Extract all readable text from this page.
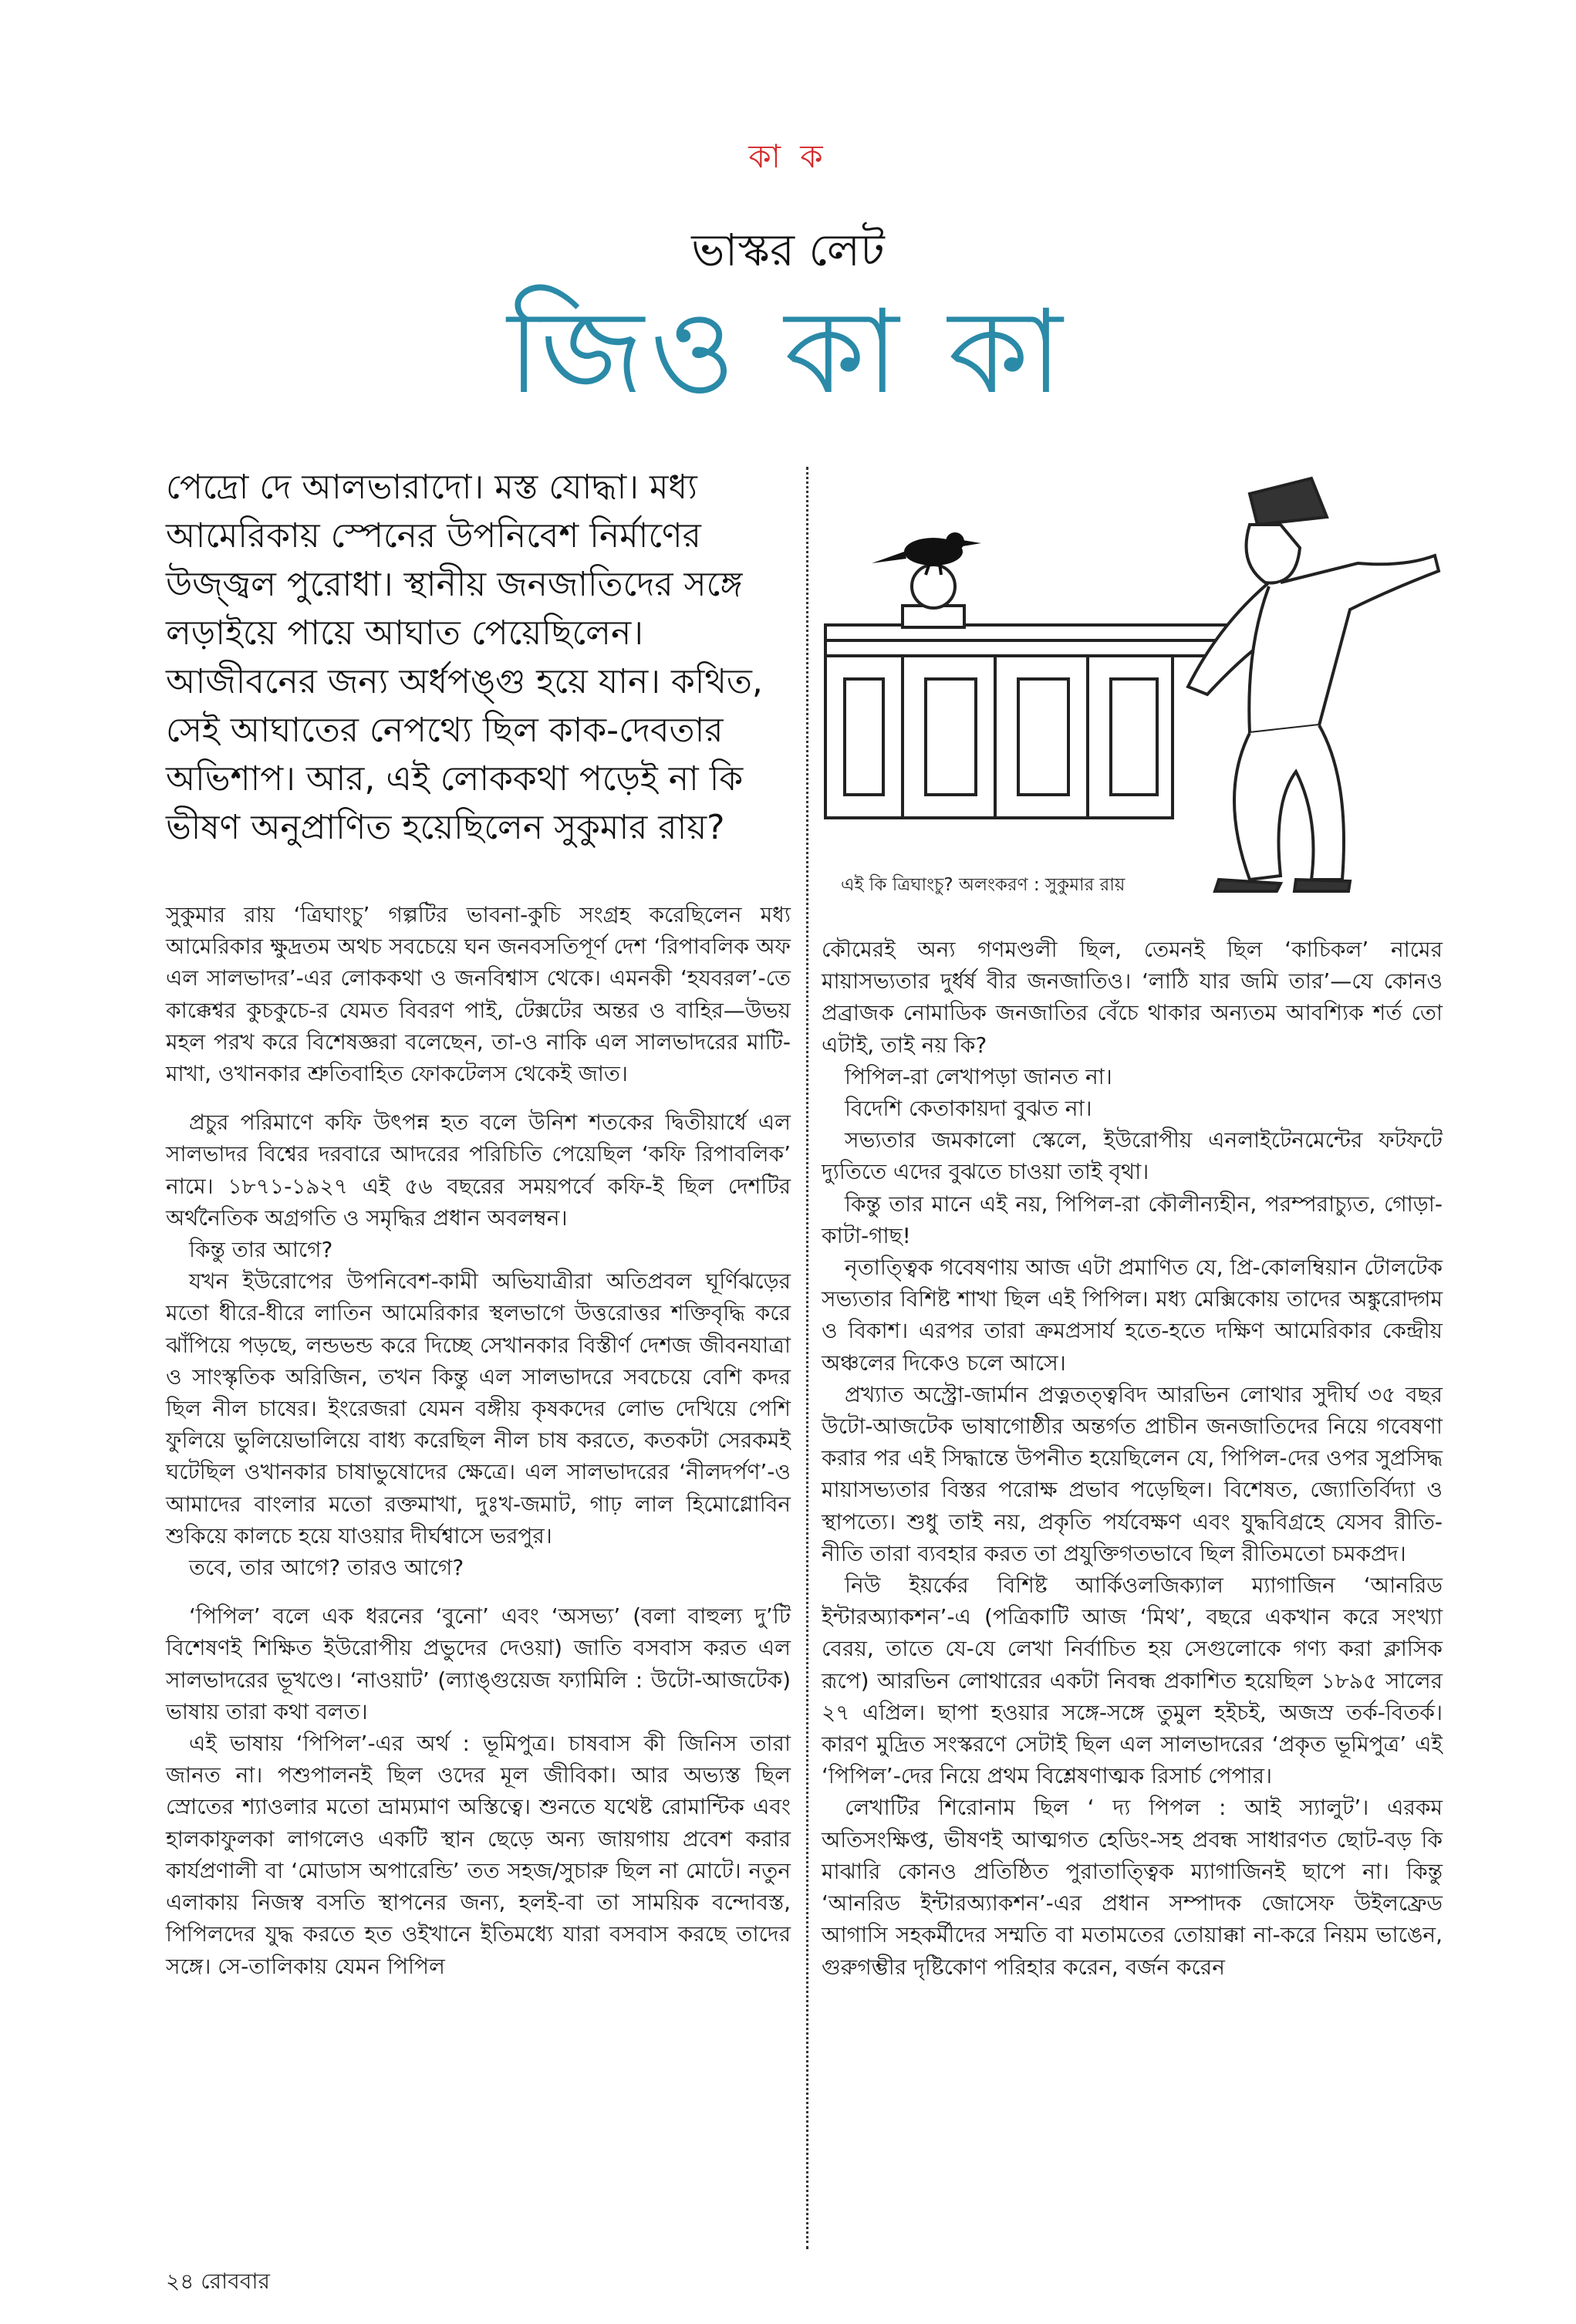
কা ক
ভাস্কর লেট
জিও কা কা
পেদ্রো দে আলভারাদো। মস্ত যোদ্ধা। মধ্য আমেরিকায় স্পেনের উপনিবেশ নির্মাণের উজ্জ্বল পুরোধা। স্থানীয় জনজাতিদের সঙ্গে লড়াইয়ে পায়ে আঘাত পেয়েছিলেন। আজীবনের জন্য অর্ধপঙ্গু হয়ে যান। কথিত, সেই আঘাতের নেপথ্যে ছিল কাক-দেবতার অভিশাপ। আর, এই লোককথা পড়েই না কি ভীষণ অনুপ্রাণিত হয়েছিলেন সুকুমার রায়?
এই কি ত্রিঘাংচু? অলংকরণ : সুকুমার রায়

সুকুমার রায় ‘ত্রিঘাংচু’ গল্পটির ভাবনা-কুচি সংগ্রহ করেছিলেন মধ্য আমেরিকার ক্ষুদ্রতম অথচ সবচেয়ে ঘন জনবসতিপূর্ণ দেশ ‘রিপাবলিক অফ এল সালভাদর’-এর লোককথা ও জনবিশ্বাস থেকে। এমনকী ‘হযবরল’-তে কাক্কেশ্বর কুচকুচে-র যেমত বিবরণ পাই, টেক্সটের অন্তর ও বাহির—উভয় মহল পরখ করে বিশেষজ্ঞরা বলেছেন, তা-ও নাকি এল সালভাদরের মাটি-মাখা, ওখানকার শ্রুতিবাহিত ফোকটেলস থেকেই জাত।

প্রচুর পরিমাণে কফি উৎপন্ন হত বলে উনিশ শতকের দ্বিতীয়ার্ধে এল সালভাদর বিশ্বের দরবারে আদরের পরিচিতি পেয়েছিল ‘কফি রিপাবলিক’ নামে। ১৮৭১-১৯২৭ এই ৫৬ বছরের সময়পর্বে কফি-ই ছিল দেশটির অর্থনৈতিক অগ্রগতি ও সমৃদ্ধির প্রধান অবলম্বন।

কিন্তু তার আগে?

যখন ইউরোপের উপনিবেশ-কামী অভিযাত্রীরা অতিপ্রবল ঘূর্ণিঝড়ের মতো ধীরে-ধীরে লাতিন আমেরিকার স্থলভাগে উত্তরোত্তর শক্তিবৃদ্ধি করে ঝাঁপিয়ে পড়ছে, লন্ডভন্ড করে দিচ্ছে সেখানকার বিস্তীর্ণ দেশজ জীবনযাত্রা ও সাংস্কৃতিক অরিজিন, তখন কিন্তু এল সালভাদরে সবচেয়ে বেশি কদর ছিল নীল চাষের। ইংরেজরা যেমন বঙ্গীয় কৃষকদের লোভ দেখিয়ে পেশি ফুলিয়ে ভুলিয়েভালিয়ে বাধ্য করেছিল নীল চাষ করতে, কতকটা সেরকমই ঘটেছিল ওখানকার চাষাভুষোদের ক্ষেত্রে। এল সালভাদরের ‘নীলদর্পণ’-ও আমাদের বাংলার মতো রক্তমাখা, দুঃখ-জমাট, গাঢ় লাল হিমোগ্লোবিন শুকিয়ে কালচে হয়ে যাওয়ার দীর্ঘশ্বাসে ভরপুর।

তবে, তার আগে? তারও আগে?

‘পিপিল’ বলে এক ধরনের ‘বুনো’ এবং ‘অসভ্য’ (বলা বাহুল্য দু’টি বিশেষণই শিক্ষিত ইউরোপীয় প্রভুদের দেওয়া) জাতি বসবাস করত এল সালভাদরের ভূখণ্ডে। ‘নাওয়াট’ (ল্যাঙ্গুয়েজ ফ্যামিলি : উটো-আজটেক) ভাষায় তারা কথা বলত।

এই ভাষায় ‘পিপিল’-এর অর্থ : ভূমিপুত্র। চাষবাস কী জিনিস তারা জানত না। পশুপালনই ছিল ওদের মূল জীবিকা। আর অভ্যস্ত ছিল স্রোতের শ্যাওলার মতো ভ্রাম্যমাণ অস্তিত্বে। শুনতে যথেষ্ট রোমান্টিক এবং হালকাফুলকা লাগলেও একটি স্থান ছেড়ে অন্য জায়গায় প্রবেশ করার কার্যপ্রণালী বা ‘মোডাস অপারেন্ডি’ তত সহজ/সুচারু ছিল না মোটে। নতুন এলাকায় নিজস্ব বসতি স্থাপনের জন্য, হলই-বা তা সাময়িক বন্দোবস্ত, পিপিলদের যুদ্ধ করতে হত ওইখানে ইতিমধ্যে যারা বসবাস করছে তাদের সঙ্গে। সে-তালিকায় যেমন পিপিল

কৌমেরই অন্য গণমণ্ডলী ছিল, তেমনই ছিল ‘কাচিকল’ নামের মায়াসভ্যতার দুর্ধর্ষ বীর জনজাতিও। ‘লাঠি যার জমি তার’—যে কোনও প্রব্রাজক নোমাডিক জনজাতির বেঁচে থাকার অন্যতম আবশ্যিক শর্ত তো এটাই, তাই নয় কি?

পিপিল-রা লেখাপড়া জানত না।

বিদেশি কেতাকায়দা বুঝত না।

সভ্যতার জমকালো স্কেলে, ইউরোপীয় এনলাইটেনমেন্টের ফটফটে দ্যুতিতে এদের বুঝতে চাওয়া তাই বৃথা।

কিন্তু তার মানে এই নয়, পিপিল-রা কৌলীন্যহীন, পরম্পরাচ্যুত, গোড়া-কাটা-গাছ!

নৃতাত্ত্বিক গবেষণায় আজ এটা প্রমাণিত যে, প্রি-কোলম্বিয়ান টোলটেক সভ্যতার বিশিষ্ট শাখা ছিল এই পিপিল। মধ্য মেক্সিকোয় তাদের অঙ্কুরোদ্গম ও বিকাশ। এরপর তারা ক্রমপ্রসার্য হতে-হতে দক্ষিণ আমেরিকার কেন্দ্রীয় অঞ্চলের দিকেও চলে আসে।

প্রখ্যাত অস্ট্রো-জার্মান প্রত্নতত্ত্ববিদ আরভিন লোথার সুদীর্ঘ ৩৫ বছর উটো-আজটেক ভাষাগোষ্ঠীর অন্তর্গত প্রাচীন জনজাতিদের নিয়ে গবেষণা করার পর এই সিদ্ধান্তে উপনীত হয়েছিলেন যে, পিপিল-দের ওপর সুপ্রসিদ্ধ মায়াসভ্যতার বিস্তর পরোক্ষ প্রভাব পড়েছিল। বিশেষত, জ্যোতির্বিদ্যা ও স্থাপত্যে। শুধু তাই নয়, প্রকৃতি পর্যবেক্ষণ এবং যুদ্ধবিগ্রহে যেসব রীতি-নীতি তারা ব্যবহার করত তা প্রযুক্তিগতভাবে ছিল রীতিমতো চমকপ্রদ।

নিউ ইয়র্কের বিশিষ্ট আর্কিওলজিক্যাল ম্যাগাজিন ‘আনরিড ইন্টারঅ্যাকশন’-এ (পত্রিকাটি আজ ‘মিথ’, বছরে একখান করে সংখ্যা বেরয়, তাতে যে-যে লেখা নির্বাচিত হয় সেগুলোকে গণ্য করা ক্লাসিক রূপে) আরভিন লোথারের একটা নিবন্ধ প্রকাশিত হয়েছিল ১৮৯৫ সালের ২৭ এপ্রিল। ছাপা হওয়ার সঙ্গে-সঙ্গে তুমুল হইচই, অজস্র তর্ক-বিতর্ক। কারণ মুদ্রিত সংস্করণে সেটাই ছিল এল সালভাদরের ‘প্রকৃত ভূমিপুত্র’ এই ‘পিপিল’-দের নিয়ে প্রথম বিশ্লেষণাত্মক রিসার্চ পেপার।

লেখাটির শিরোনাম ছিল ‘ দ্য পিপল : আই স্যালুট’। এরকম অতিসংক্ষিপ্ত, ভীষণই আত্মগত হেডিং-সহ প্রবন্ধ সাধারণত ছোট-বড় কি মাঝারি কোনও প্রতিষ্ঠিত পুরাতাত্ত্বিক ম্যাগাজিনই ছাপে না। কিন্তু ‘আনরিড ইন্টারঅ্যাকশন’-এর প্রধান সম্পাদক জোসেফ উইলফ্রেড আগাসি সহকর্মীদের সম্মতি বা মতামতের তোয়াক্কা না-করে নিয়ম ভাঙেন, গুরুগম্ভীর দৃষ্টিকোণ পরিহার করেন, বর্জন করেন

২৪ রোববার
